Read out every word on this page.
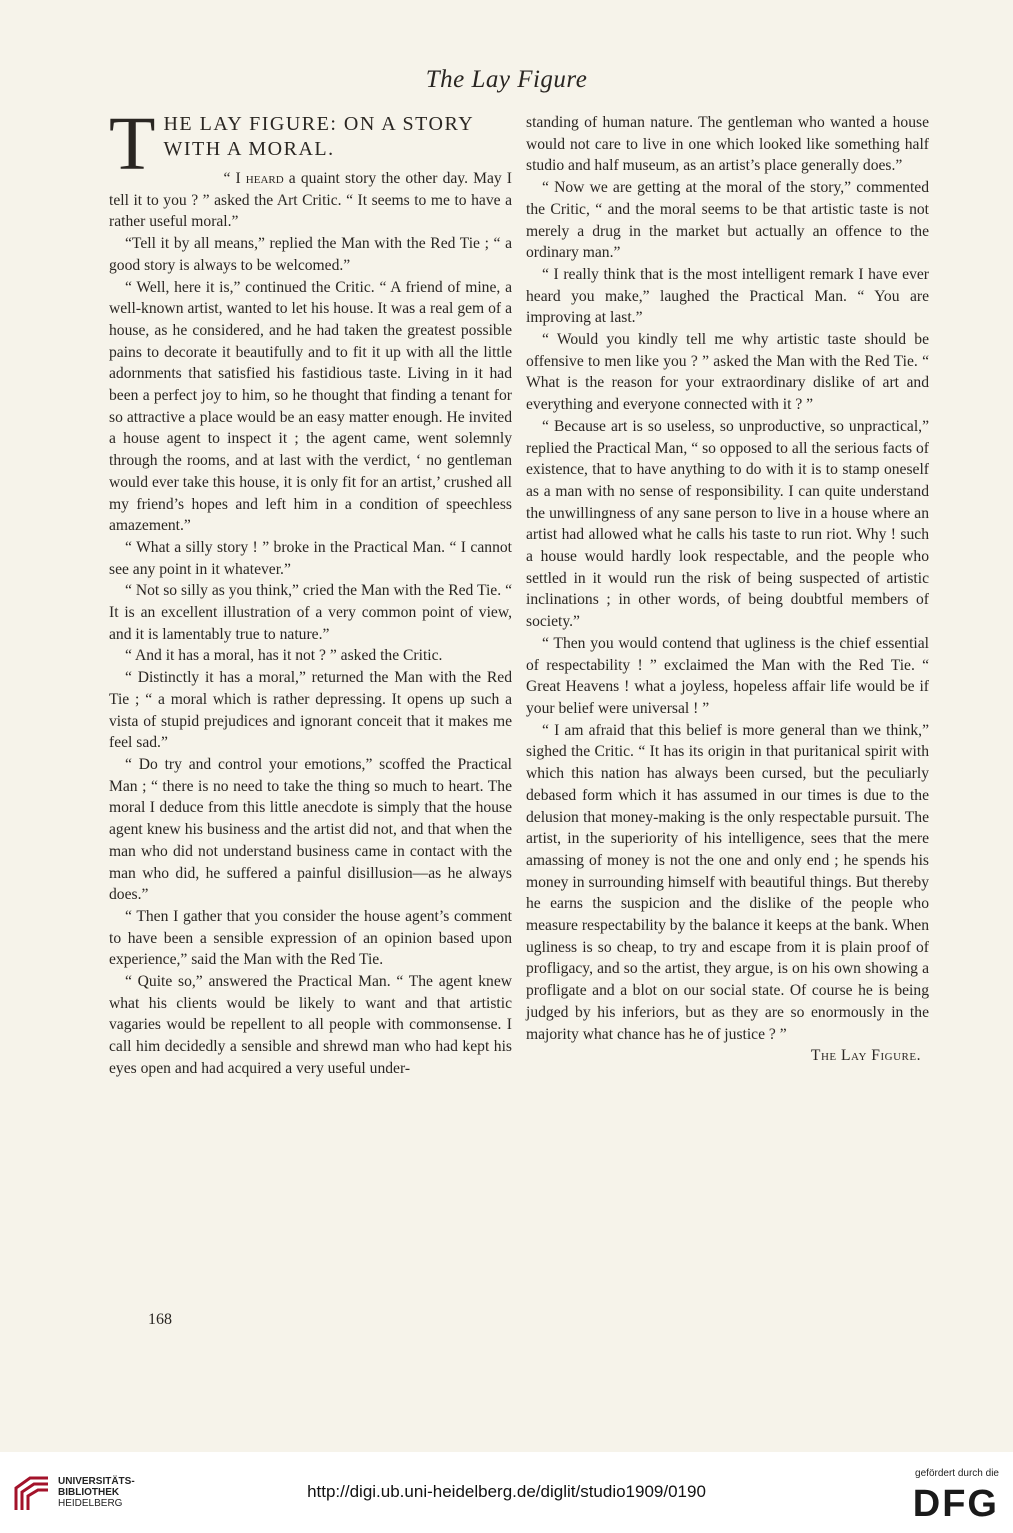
The Lay Figure
T HE LAY FIGURE: ON A STORY
WITH A MORAL.

“ I heard a quaint story the other day. May I tell it to you ? ” asked the Art Critic. “ It seems to me to have a rather useful moral.”

“Tell it by all means,” replied the Man with the Red Tie ; “ a good story is always to be welcomed.”

“ Well, here it is,” continued the Critic. “ A friend of mine, a well-known artist, wanted to let his house. It was a real gem of a house, as he considered, and he had taken the greatest possible pains to decorate it beautifully and to fit it up with all the little adornments that satisfied his fastidious taste. Living in it had been a perfect joy to him, so he thought that finding a tenant for so attractive a place would be an easy matter enough. He invited a house agent to inspect it ; the agent came, went solemnly through the rooms, and at last with the verdict, ‘ no gentleman would ever take this house, it is only fit for an artist,’ crushed all my friend’s hopes and left him in a condition of speechless amazement.”

“ What a silly story ! ” broke in the Practical Man. “ I cannot see any point in it whatever.”

“ Not so silly as you think,” cried the Man with the Red Tie. “ It is an excellent illustration of a very common point of view, and it is lamentably true to nature.”

“ And it has a moral, has it not ? ” asked the Critic.

“ Distinctly it has a moral,” returned the Man with the Red Tie ; “ a moral which is rather depressing. It opens up such a vista of stupid prejudices and ignorant conceit that it makes me feel sad.”

“ Do try and control your emotions,” scoffed the Practical Man ; “ there is no need to take the thing so much to heart. The moral I deduce from this little anecdote is simply that the house agent knew his business and the artist did not, and that when the man who did not understand business came in contact with the man who did, he suffered a painful disillusion—as he always does.”

“ Then I gather that you consider the house agent’s comment to have been a sensible expression of an opinion based upon experience,” said the Man with the Red Tie.

“ Quite so,” answered the Practical Man. “ The agent knew what his clients would be likely to want and that artistic vagaries would be repellent to all people with commonsense. I call him decidedly a sensible and shrewd man who had kept his eyes open and had acquired a very useful under-

standing of human nature. The gentleman who wanted a house would not care to live in one which looked like something half studio and half museum, as an artist’s place generally does.”

“ Now we are getting at the moral of the story,” commented the Critic, “ and the moral seems to be that artistic taste is not merely a drug in the market but actually an offence to the ordinary man.”

“ I really think that is the most intelligent remark I have ever heard you make,” laughed the Practical Man. “ You are improving at last.”

“ Would you kindly tell me why artistic taste should be offensive to men like you ? ” asked the Man with the Red Tie. “ What is the reason for your extraordinary dislike of art and everything and everyone connected with it ? ”

“ Because art is so useless, so unproductive, so unpractical,” replied the Practical Man, “ so opposed to all the serious facts of existence, that to have anything to do with it is to stamp oneself as a man with no sense of responsibility. I can quite understand the unwillingness of any sane person to live in a house where an artist had allowed what he calls his taste to run riot. Why ! such a house would hardly look respectable, and the people who settled in it would run the risk of being suspected of artistic inclinations ; in other words, of being doubtful members of society.”

“ Then you would contend that ugliness is the chief essential of respectability ! ” exclaimed the Man with the Red Tie. “ Great Heavens ! what a joyless, hopeless affair life would be if your belief were universal ! ”

“ I am afraid that this belief is more general than we think,” sighed the Critic. “ It has its origin in that puritanical spirit with which this nation has always been cursed, but the peculiarly debased form which it has assumed in our times is due to the delusion that money-making is the only respectable pursuit. The artist, in the superiority of his intelligence, sees that the mere amassing of money is not the one and only end ; he spends his money in surrounding himself with beautiful things. But thereby he earns the suspicion and the dislike of the people who measure respectability by the balance it keeps at the bank. When ugliness is so cheap, to try and escape from it is plain proof of profligacy, and so the artist, they argue, is on his own showing a profligate and a blot on our social state. Of course he is being judged by his inferiors, but as they are so enormously in the majority what chance has he of justice ? ”

The Lay Figure.
168
UNIVERSITÄTS-
BIBLIOTHEK
HEIDELBERG
http://digi.ub.uni-heidelberg.de/diglit/studio1909/0190
gefördert durch die
DFG
